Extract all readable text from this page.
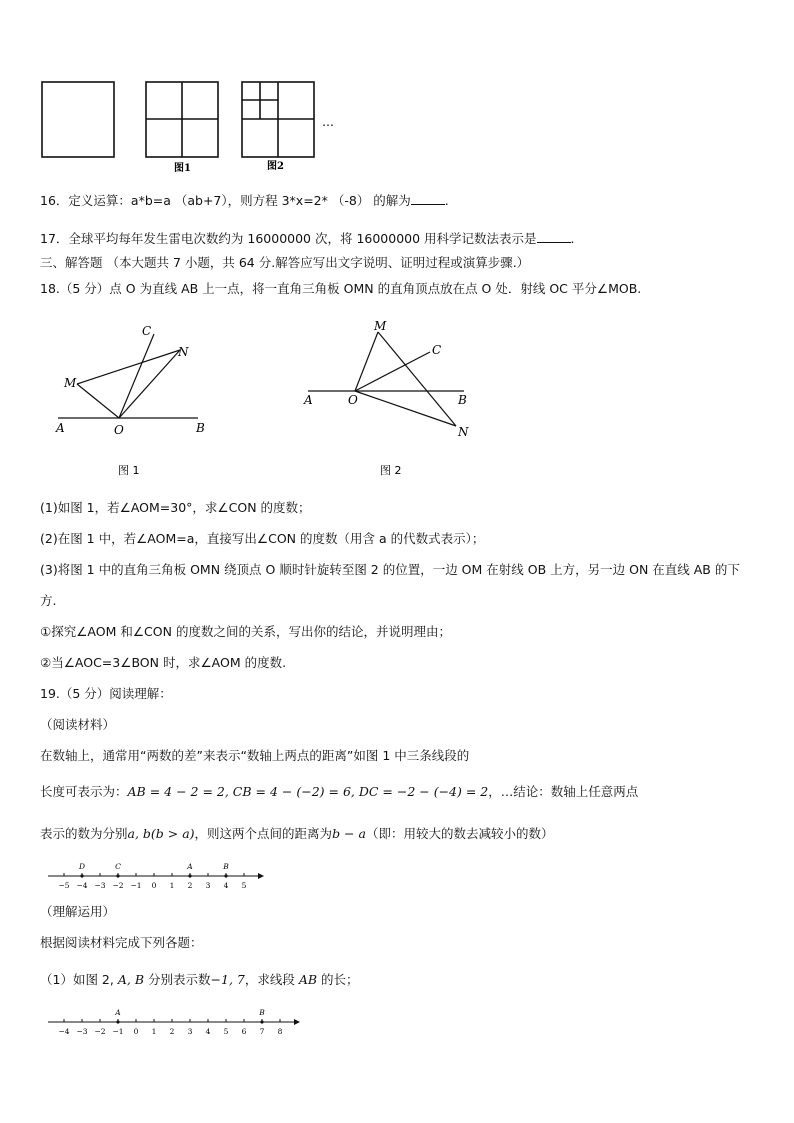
图1	图2
…
16．定义运算：a*b=a （ab+7），则方程 3*x=2* （-8） 的解为	.
17．全球平均每年发生雷电次数约为 16000000 次，将 16000000 用科学记数法表示是	.
三、解答题 （本大题共 7 小题，共 64 分.解答应写出文字说明、证明过程或演算步骤.）
18.（5 分）点 O 为直线 AB 上一点，将一直角三角板 OMN 的直角顶点放在点 O 处．射线 OC 平分∠MOB.
M
C
N
A	O	B
图 1
M
C
A	O	B
N
图 2
(1)如图 1，若∠AOM=30°，求∠CON 的度数；
(2)在图 1 中，若∠AOM=a，直接写出∠CON 的度数（用含 a 的代数式表示）；
(3)将图 1 中的直角三角板 OMN 绕顶点 O 顺时针旋转至图 2 的位置，一边 OM 在射线 OB 上方，另一边 ON 在直线 AB 的下
方.
①探究∠AOM 和∠CON 的度数之间的关系，写出你的结论，并说明理由；
②当∠AOC=3∠BON 时，求∠AOM 的度数.
19.（5 分）阅读理解：
（阅读材料）
在数轴上，通常用“两数的差”来表示“数轴上两点的距离”如图 1 中三条线段的
长度可表示为：AB = 4 − 2 = 2, CB = 4 − (−2) = 6, DC = −2 − (−4) = 2，…结论：数轴上任意两点
表示的数为分别a, b(b > a)，则这两个点间的距离为b − a（即：用较大的数去减较小的数）
−5 −4 −3 −2 −1 0 1 2 3 4 5
D	C	A	B
（理解运用）
根据阅读材料完成下列各题：
（1）如图 2, A, B 分别表示数−1, 7，求线段 AB 的长；
−4 −3 −2 −1 0 1 2 3 4 5 6 7 8
A	B
